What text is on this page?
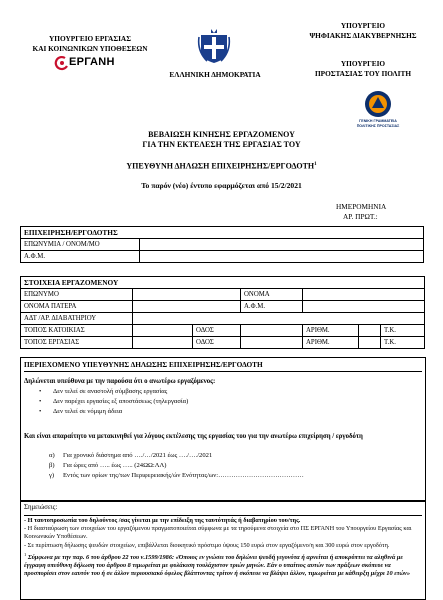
ΥΠΟΥΡΓΕΙΟ ΕΡΓΑΣΙΑΣ
ΚΑΙ ΚΟΙΝΩΝΙΚΩΝ ΥΠΟΘΕΣΕΩΝ
ΕΡΓΑΝΗ
ΕΛΛΗΝΙΚΗ ΔΗΜΟΚΡΑΤΙΑ
ΥΠΟΥΡΓΕΙΟ
ΨΗΦΙΑΚΗΣ ΔΙΑΚΥΒΕΡΝΗΣΗΣ
ΥΠΟΥΡΓΕΙΟ
ΠΡΟΣΤΑΣΙΑΣ ΤΟΥ ΠΟΛΙΤΗ
ΓΕΝΙΚΗ ΓΡΑΜΜΑΤΕΙΑ
ΠΟΛΙΤΙΚΗΣ ΠΡΟΣΤΑΣΙΑΣ
ΒΕΒΑΙΩΣΗ ΚΙΝΗΣΗΣ ΕΡΓΑΖΟΜΕΝΟΥ
ΓΙΑ ΤΗΝ ΕΚΤΕΛΕΣΗ ΤΗΣ ΕΡΓΑΣΙΑΣ ΤΟΥ
ΥΠΕΥΘΥΝΗ ΔΗΛΩΣΗ ΕΠΙΧΕΙΡΗΣΗΣ/ΕΡΓΟΔΟΤΗ$^1$
Το παρόν (νέο) έντυπο εφαρμόζεται από 15/2/2021
ΗΜΕΡΟΜΗΝΙΑ
ΑΡ. ΠΡΩΤ.:
ΕΠΙΧΕΙΡΗΣΗ/ΕΡΓΟΔΟΤΗΣ	
ΕΠΩΝΥΜΙΑ / ΟΝΟΜ/ΜΟ	
Α.Φ.Μ.	
ΣΤΟΙΧΕΙΑ ΕΡΓΑΖΟΜΕΝΟΥ						
ΕΠΩΝΥΜΟ			ΟΝΟΜΑ			
ΟΝΟΜΑ ΠΑΤΕΡΑ			Α.Φ.Μ.			
ΑΔΤ /ΑΡ. ΔΙΑΒΑΤΗΡΙΟΥ						
ΤΟΠΟΣ ΚΑΤΟΙΚΙΑΣ		ΟΔΟΣ		ΑΡΙΘΜ.		Τ.Κ.
ΤΟΠΟΣ ΕΡΓΑΣΙΑΣ		ΟΔΟΣ		ΑΡΙΘΜ.		Τ.Κ.
ΠΕΡΙΕΧΟΜΕΝΟ ΥΠΕΥΘΥΝΗΣ ΔΗΛΩΣΗΣ ΕΠΙΧΕΙΡΗΣΗΣ/ΕΡΓΟΔΟΤΗ
Δηλώνεται υπεύθυνα με την παρούσα ότι ο ανωτέρω εργαζόμενος:
• Δεν τελεί σε αναστολή σύμβασης εργασίας
• Δεν παρέχει εργασίες εξ αποστάσεως (τηλεργασία)
• Δεν τελεί σε νόμιμη άδεια
Και είναι απαραίτητο να μετακινηθεί για λόγους εκτέλεσης της εργασίας του για την ανωτέρω επιχείρηση / εργοδότη
α) Για χρονικό διάστημα από …./…/2021 έως …./…./2021
β) Για ώρες από ….. έως ….. (24ΩΩ:ΛΛ)
γ) Εντός των ορίων της/των Περιφερειακής/ών Ενότητας/ων:…………………………………
Σημειώσεις:
- Η ταυτοπροσωπία του δηλούντος /σας γίνεται με την επίδειξη της ταυτότητάς ή διαβατηρίου του/της.
- Η διασταύρωση των στοιχείων του εργαζόμενου πραγματοποιείται σύμφωνα με τα τηρούμενα στοιχεία στο ΠΣ ΕΡΓΑΝΗ του Υπουργείου Εργασίας και Κοινωνικών Υποθέσεων.
- Σε περίπτωση δήλωσης ψευδών στοιχείων, επιβάλλεται διοικητικό πρόστιμο ύψους 150 ευρώ στον εργαζόμενο/η και 300 ευρώ στον εργοδότη.
$^1$ Σύμφωνα με την παρ. 6 του άρθρου 22 του ν.1599/1986: «Όποιος εν γνώσει του δηλώνει ψευδή γεγονότα ή αρνείται ή αποκρύπτει τα αληθινά με έγγραφη υπεύθυνη δήλωση του άρθρου 8 τιμωρείται με φυλάκιση τουλάχιστον τριών μηνών. Εάν ο υπαίτιος αυτών των πράξεων σκόπευε να προσπορίσει στον εαυτόν του ή σε άλλον περιουσιακό όφελος βλάπτοντας τρίτον ή σκόπευε να βλάψει άλλον, τιμωρείται με κάθειρξη μέχρι 10 ετών»
